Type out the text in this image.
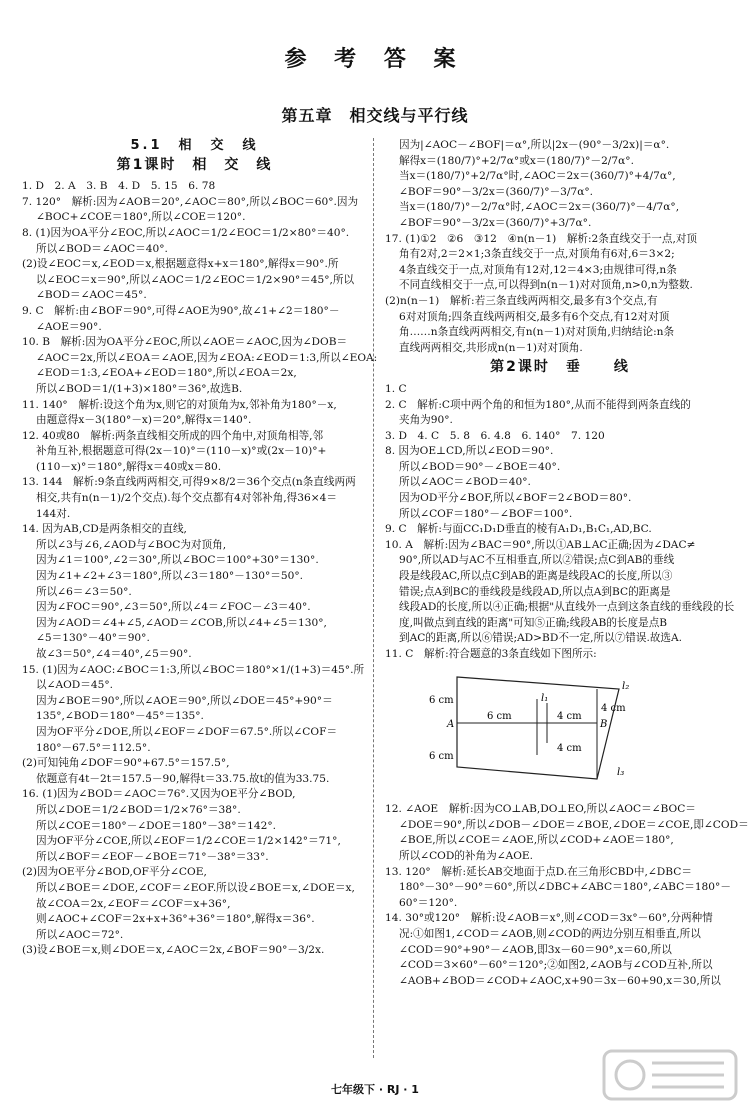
参 考 答 案
第五章　相交线与平行线
5.1　相　交　线
第1课时　相　交　线
1. D　2. A　3. B　4. D　5. 15　6. 78
7. 120°　解析:因为∠AOB＝20°,∠AOC＝80°,所以∠BOC＝60°.因为
∠BOC+∠COE＝180°,所以∠COE＝120°.
8. (1)因为OA平分∠EOC,所以∠AOC＝1/2∠EOC＝1/2×80°＝40°.
所以∠BOD＝∠AOC＝40°.
(2)设∠EOC＝x,∠EOD＝x,根据题意得x+x＝180°,解得x＝90°.所
以∠EOC＝x＝90°,所以∠AOC＝1/2∠EOC＝1/2×90°＝45°,所以
∠BOD＝∠AOC＝45°.
9. C　解析:由∠BOF＝90°,可得∠AOE为90°,故∠1+∠2＝180°－
∠AOE＝90°.
10. B　解析:因为OA平分∠EOC,所以∠AOE＝∠AOC,因为∠DOB＝
∠AOC＝2x,所以∠EOA＝∠AOE,因为∠EOA:∠EOD＝1:3,所以∠EOA:
∠EOD＝1:3,∠EOA+∠EOD＝180°,所以∠EOA＝2x,
所以∠BOD＝1/(1+3)×180°＝36°,故选B.
11. 140°　解析:设这个角为x,则它的对顶角为x,邻补角为180°－x,
由题意得x－3(180°－x)＝20°,解得x＝140°.
12. 40或80　解析:两条直线相交所成的四个角中,对顶角相等,邻
补角互补,根据题意可得(2x－10)°＝(110－x)°或(2x－10)°+
(110－x)°＝180°,解得x＝40或x＝80.
13. 144　解析:9条直线两两相交,可得9×8/2＝36个交点(n条直线两两
相交,共有n(n－1)/2个交点).每个交点都有4对邻补角,得36×4＝
144对.
14. 因为AB,CD是两条相交的直线,
所以∠3与∠6,∠AOD与∠BOC为对顶角,
因为∠1＝100°,∠2＝30°,所以∠BOC＝100°+30°＝130°.
因为∠1+∠2+∠3＝180°,所以∠3＝180°－130°＝50°.
所以∠6＝∠3＝50°.
因为∠FOC＝90°,∠3＝50°,所以∠4＝∠FOC－∠3＝40°.
因为∠AOD＝∠4+∠5,∠AOD＝∠COB,所以∠4+∠5＝130°,
∠5＝130°－40°＝90°.
故∠3＝50°,∠4＝40°,∠5＝90°.
15. (1)因为∠AOC:∠BOC＝1:3,所以∠BOC＝180°×1/(1+3)＝45°.所
以∠AOD＝45°.
因为∠BOE＝90°,所以∠AOE＝90°,所以∠DOE＝45°+90°＝
135°,∠BOD＝180°－45°＝135°.
因为OF平分∠DOE,所以∠EOF＝∠DOF＝67.5°.所以∠COF＝
180°－67.5°＝112.5°.
(2)可知钝角∠DOF＝90°+67.5°＝157.5°,
依题意有4t－2t＝157.5－90,解得t＝33.75.故t的值为33.75.
16. (1)因为∠BOD＝∠AOC＝76°.又因为OE平分∠BOD,
所以∠DOE＝1/2∠BOD＝1/2×76°＝38°.
所以∠COE＝180°－∠DOE＝180°－38°＝142°.
因为OF平分∠COE,所以∠EOF＝1/2∠COE＝1/2×142°＝71°,
所以∠BOF＝∠EOF－∠BOE＝71°－38°＝33°.
(2)因为OE平分∠BOD,OF平分∠COE,
所以∠BOE＝∠DOE,∠COF＝∠EOF.所以设∠BOE＝x,∠DOE＝x,
故∠COA＝2x,∠EOF＝∠COF＝x+36°,
则∠AOC+∠COF＝2x+x+36°+36°＝180°,解得x＝36°.
所以∠AOC＝72°.
(3)设∠BOE＝x,则∠DOE＝x,∠AOC＝2x,∠BOF＝90°－3/2x.
因为|∠AOC－∠BOF|＝α°,所以|2x－(90°－3/2x)|＝α°.
解得x＝(180/7)°+2/7α°或x＝(180/7)°－2/7α°.
当x＝(180/7)°+2/7α°时,∠AOC＝2x＝(360/7)°+4/7α°,
∠BOF＝90°－3/2x＝(360/7)°－3/7α°.
当x＝(180/7)°－2/7α°时,∠AOC＝2x＝(360/7)°－4/7α°,
∠BOF＝90°－3/2x＝(360/7)°+3/7α°.
17. (1)①2　②6　③12　④n(n－1)　解析:2条直线交于一点,对顶
角有2对,2＝2×1;3条直线交于一点,对顶角有6对,6＝3×2;
4条直线交于一点,对顶角有12对,12＝4×3;由规律可得,n条
不同直线相交于一点,可以得到n(n－1)对对顶角,n>0,n为整数.
(2)n(n－1)　解析:若三条直线两两相交,最多有3个交点,有
6对对顶角;四条直线两两相交,最多有6个交点,有12对对顶
角……n条直线两两相交,有n(n－1)对对顶角,归纳结论:n条
直线两两相交,共形成n(n－1)对对顶角.
第2课时　垂　　线
1. C
2. C　解析:C项中两个角的和恒为180°,从而不能得到两条直线的
夹角为90°.
3. D　4. C　5. 8　6. 4.8　6. 140°　7. 120
8. 因为OE⊥CD,所以∠EOD＝90°.
所以∠BOD＝90°－∠BOE＝40°.
所以∠AOC＝∠BOD＝40°.
因为OD平分∠BOF,所以∠BOF＝2∠BOD＝80°.
所以∠COF＝180°－∠BOF＝100°.
9. C　解析:与面CC₁D₁D垂直的棱有A₁D₁,B₁C₁,AD,BC.
10. A　解析:因为∠BAC＝90°,所以①AB⊥AC正确;因为∠DAC≠
90°,所以AD与AC不互相垂直,所以②错误;点C到AB的垂线
段是线段AC,所以点C到AB的距离是线段AC的长度,所以③
错误;点A到BC的垂线段是线段AD,所以点A到BC的距离是
线段AD的长度,所以④正确;根据"从直线外一点到这条直线的垂线段的长
度,叫做点到直线的距离"可知⑤正确;线段AB的长度是点B
到AC的距离,所以⑥错误;AD>BD不一定,所以⑦错误.故选A.
11. C　解析:符合题意的3条直线如下图所示:
6 cm
6 cm
6 cm	4 cm
4 cm
4 cm
A	B
l₁
l₂
l₃
12. ∠AOE　解析:因为CO⊥AB,DO⊥EO,所以∠AOC＝∠BOC＝
∠DOE＝90°,所以∠DOB－∠DOE＝∠BOE,∠DOE＝∠COE,即∠COD＝
∠BOE,所以∠COE＝∠AOE,所以∠COD+∠AOE＝180°,
所以∠COD的补角为∠AOE.
13. 120°　解析:延长AB交地面于点D.在三角形CBD中,∠DBC＝
180°－30°－90°＝60°,所以∠DBC+∠ABC＝180°,∠ABC＝180°－
60°＝120°.
14. 30°或120°　解析:设∠AOB＝x°,则∠COD＝3x°－60°,分两种情
况:①如图1,∠COD＝∠AOB,则∠COD的两边分别互相垂直,所以
∠COD＝90°+90°－∠AOB,即3x－60＝90°,x＝60,所以
∠COD＝3×60°－60°＝120°;②如图2,∠AOB与∠COD互补,所以
∠AOB+∠BOD＝∠COD+∠AOC,x+90＝3x－60+90,x＝30,所以
七年级下 · RJ · 1
